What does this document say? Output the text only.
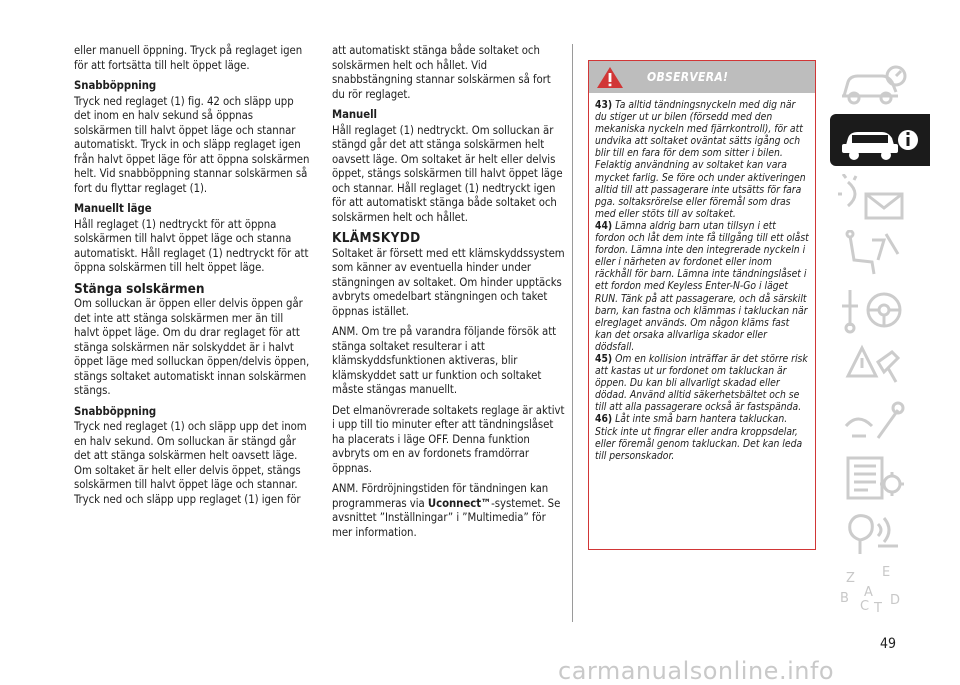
eller manuell öppning. Tryck på reglaget igen för att fortsätta till helt öppet läge.

Snabböppning

Tryck ned reglaget (1) fig. 42 och släpp upp det inom en halv sekund så öppnas solskärmen till halvt öppet läge och stannar automatiskt. Tryck in och släpp reglaget igen från halvt öppet läge för att öppna solskärmen helt. Vid snabböppning stannar solskärmen så fort du flyttar reglaget (1).

Manuellt läge

Håll reglaget (1) nedtryckt för att öppna solskärmen till halvt öppet läge och stanna automatiskt. Håll reglaget (1) nedtryckt för att öppna solskärmen till helt öppet läge.

Stänga solskärmen

Om solluckan är öppen eller delvis öppen går det inte att stänga solskärmen mer än till halvt öppet läge. Om du drar reglaget för att stänga solskärmen när solskyddet är i halvt öppet läge med solluckan öppen/delvis öppen, stängs soltaket automatiskt innan solskärmen stängs.

Snabböppning

Tryck ned reglaget (1) och släpp upp det inom en halv sekund. Om solluckan är stängd går det att stänga solskärmen helt oavsett läge. Om soltaket är helt eller delvis öppet, stängs solskärmen till halvt öppet läge och stannar. Tryck ned och släpp upp reglaget (1) igen för

att automatiskt stänga både soltaket och solskärmen helt och hållet. Vid snabbstängning stannar solskärmen så fort du rör reglaget.

Manuell

Håll reglaget (1) nedtryckt. Om solluckan är stängd går det att stänga solskärmen helt oavsett läge. Om soltaket är helt eller delvis öppet, stängs solskärmen till halvt öppet läge och stannar. Håll reglaget (1) nedtryckt igen för att automatiskt stänga både soltaket och solskärmen helt och hållet.

KLÄMSKYDD

Soltaket är försett med ett klämskyddssystem som känner av eventuella hinder under stängningen av soltaket. Om hinder upptäcks avbryts omedelbart stängningen och taket öppnas istället.

ANM. Om tre på varandra följande försök att stänga soltaket resulterar i att klämskyddsfunktionen aktiveras, blir klämskyddet satt ur funktion och soltaket måste stängas manuellt.

Det elmanövrerade soltakets reglage är aktivt i upp till tio minuter efter att tändningslåset ha placerats i läge OFF. Denna funktion avbryts om en av fordonets framdörrar öppnas.

ANM. Fördröjningstiden för tändningen kan programmeras via Uconnect™-systemet. Se avsnittet ”Inställningar” i ”Multimedia” för mer information.

OBSERVERA!

43) Ta alltid tändningsnyckeln med dig när du stiger ut ur bilen (försedd med den mekaniska nyckeln med fjärrkontroll), för att undvika att soltaket oväntat sätts igång och blir till en fara för dem som sitter i bilen. Felaktig användning av soltaket kan vara mycket farlig. Se före och under aktiveringen alltid till att passagerare inte utsätts för fara pga. soltaksrörelse eller föremål som dras med eller stöts till av soltaket.

44) Lämna aldrig barn utan tillsyn i ett fordon och låt dem inte få tillgång till ett olåst fordon. Lämna inte den integrerade nyckeln i eller i närheten av fordonet eller inom räckhåll för barn. Lämna inte tändningslåset i ett fordon med Keyless Enter-N-Go i läget RUN. Tänk på att passagerare, och då särskilt barn, kan fastna och klämmas i takluckan när elreglaget används. Om någon kläms fast kan det orsaka allvarliga skador eller dödsfall.

45) Om en kollision inträffar är det större risk att kastas ut ur fordonet om takluckan är öppen. Du kan bli allvarligt skadad eller dödad. Använd alltid säkerhetsbältet och se till att alla passagerare också är fastspända.

46) Låt inte små barn hantera takluckan. Stick inte ut fingrar eller andra kroppsdelar, eller föremål genom takluckan. Det kan leda till personskador.

Z E
B A
C D
T
49
carmanualsonline.info
